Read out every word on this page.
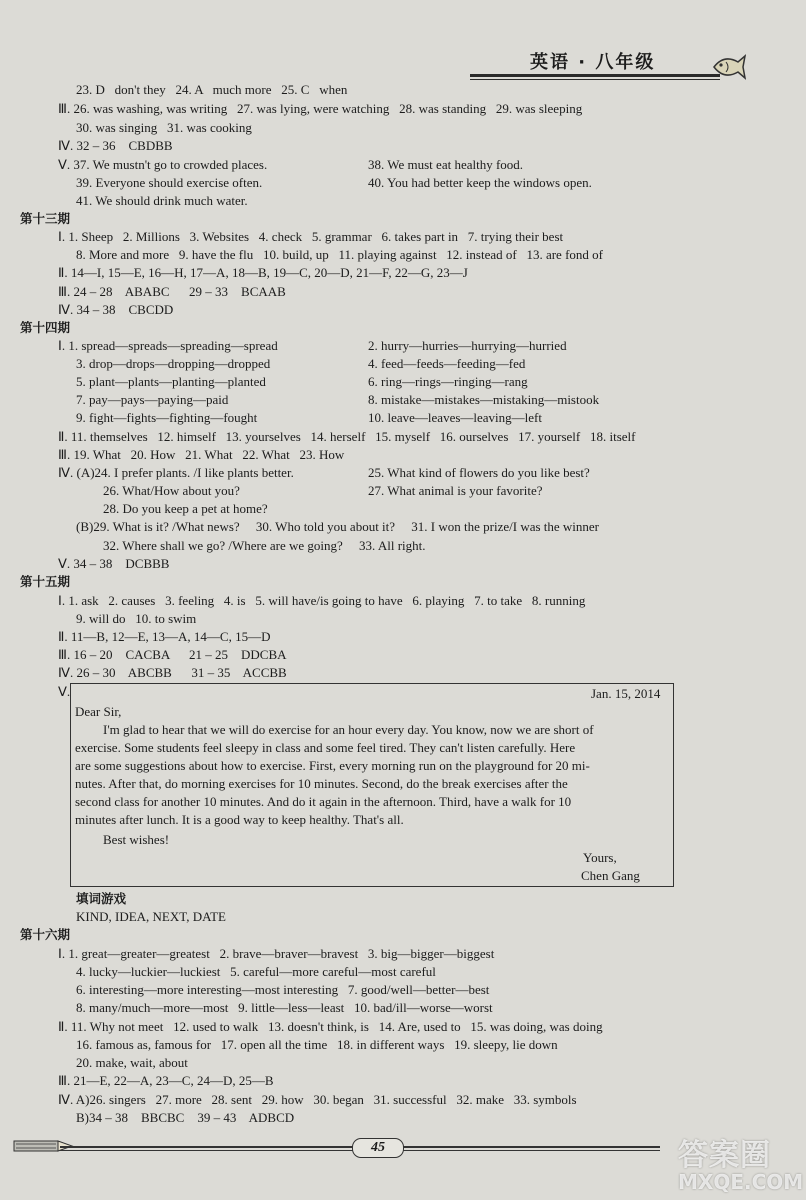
英语 · 八年级
23. D   don't they   24. A   much more   25. C   when
Ⅲ. 26. was washing, was writing   27. was lying, were watching   28. was standing   29. was sleeping
30. was singing   31. was cooking
Ⅳ. 32 – 36    CBDBB
Ⅴ. 37. We mustn't go to crowded places.	38. We must eat healthy food.
39. Everyone should exercise often.	40. You had better keep the windows open.
41. We should drink much water.
第十三期
Ⅰ. 1. Sheep   2. Millions   3. Websites   4. check   5. grammar   6. takes part in   7. trying their best
8. More and more   9. have the flu   10. build, up   11. playing against   12. instead of   13. are fond of
Ⅱ. 14—I, 15—E, 16—H, 17—A, 18—B, 19—C, 20—D, 21—F, 22—G, 23—J
Ⅲ. 24 – 28    ABABC      29 – 33    BCAAB
Ⅳ. 34 – 38    CBCDD
第十四期
Ⅰ. 1. spread—spreads—spreading—spread	2. hurry—hurries—hurrying—hurried
3. drop—drops—dropping—dropped	4. feed—feeds—feeding—fed
5. plant—plants—planting—planted	6. ring—rings—ringing—rang
7. pay—pays—paying—paid	8. mistake—mistakes—mistaking—mistook
9. fight—fights—fighting—fought	10. leave—leaves—leaving—left
Ⅱ. 11. themselves   12. himself   13. yourselves   14. herself   15. myself   16. ourselves   17. yourself   18. itself
Ⅲ. 19. What   20. How   21. What   22. What   23. How
Ⅳ. (A)24. I prefer plants. /I like plants better.	25. What kind of flowers do you like best?
26. What/How about you?	27. What animal is your favorite?
28. Do you keep a pet at home?
(B)29. What is it? /What news?     30. Who told you about it?     31. I won the prize/I was the winner
32. Where shall we go? /Where are we going?     33. All right.
Ⅴ. 34 – 38    DCBBB
第十五期
Ⅰ. 1. ask   2. causes   3. feeling   4. is   5. will have/is going to have   6. playing   7. to take   8. running
9. will do   10. to swim
Ⅱ. 11—B, 12—E, 13—A, 14—C, 15—D
Ⅲ. 16 – 20    CACBA      21 – 25    DDCBA
Ⅳ. 26 – 30    ABCBB      31 – 35    ACCBB
Ⅴ.
填词游戏
KIND, IDEA, NEXT, DATE
第十六期
Ⅰ. 1. great—greater—greatest   2. brave—braver—bravest   3. big—bigger—biggest
4. lucky—luckier—luckiest   5. careful—more careful—most careful
6. interesting—more interesting—most interesting   7. good/well—better—best
8. many/much—more—most   9. little—less—least   10. bad/ill—worse—worst
Ⅱ. 11. Why not meet   12. used to walk   13. doesn't think, is   14. Are, used to   15. was doing, was doing
16. famous as, famous for   17. open all the time   18. in different ways   19. sleepy, lie down
20. make, wait, about
Ⅲ. 21—E, 22—A, 23—C, 24—D, 25—B
Ⅳ. A)26. singers   27. more   28. sent   29. how   30. began   31. successful   32. make   33. symbols
B)34 – 38    BBCBC    39 – 43    ADBCD
Jan. 15, 2014
Dear Sir,
I'm glad to hear that we will do exercise for an hour every day. You know, now we are short of
exercise. Some students feel sleepy in class and some feel tired. They can't listen carefully. Here
are some suggestions about how to exercise. First, every morning run on the playground for 20 mi-
nutes. After that, do morning exercises for 10 minutes. Second, do the break exercises after the
second class for another 10 minutes. And do it again in the afternoon. Third, have a walk for 10
minutes after lunch. It is a good way to keep healthy. That's all.
Best wishes!
Yours,
Chen Gang
45	答案圈
MXQE.COM
